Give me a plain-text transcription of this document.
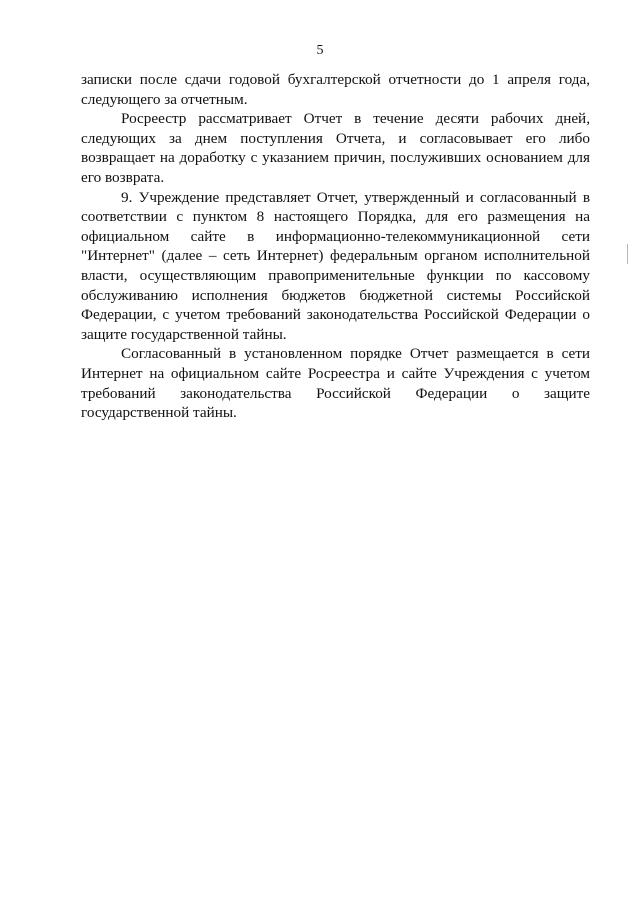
5

записки после сдачи годовой бухгалтерской отчетности до 1 апреля года, следующего за отчетным.

Росреестр рассматривает Отчет в течение десяти рабочих дней, следующих за днем поступления Отчета, и согласовывает его либо возвращает на доработку с указанием причин, послуживших основанием для его возврата.

9. Учреждение представляет Отчет, утвержденный и согласованный в соответствии с пунктом 8 настоящего Порядка, для его размещения на официальном сайте в информационно-телекоммуникационной сети "Интернет" (далее – сеть Интернет) федеральным органом исполнительной власти, осуществляющим правоприменительные функции по кассовому обслуживанию исполнения бюджетов бюджетной системы Российской Федерации, с учетом требований законодательства Российской Федерации о защите государственной тайны.

Согласованный в установленном порядке Отчет размещается в сети Интернет на официальном сайте Росреестра и сайте Учреждения с учетом требований законодательства Российской Федерации о защите государственной тайны.
